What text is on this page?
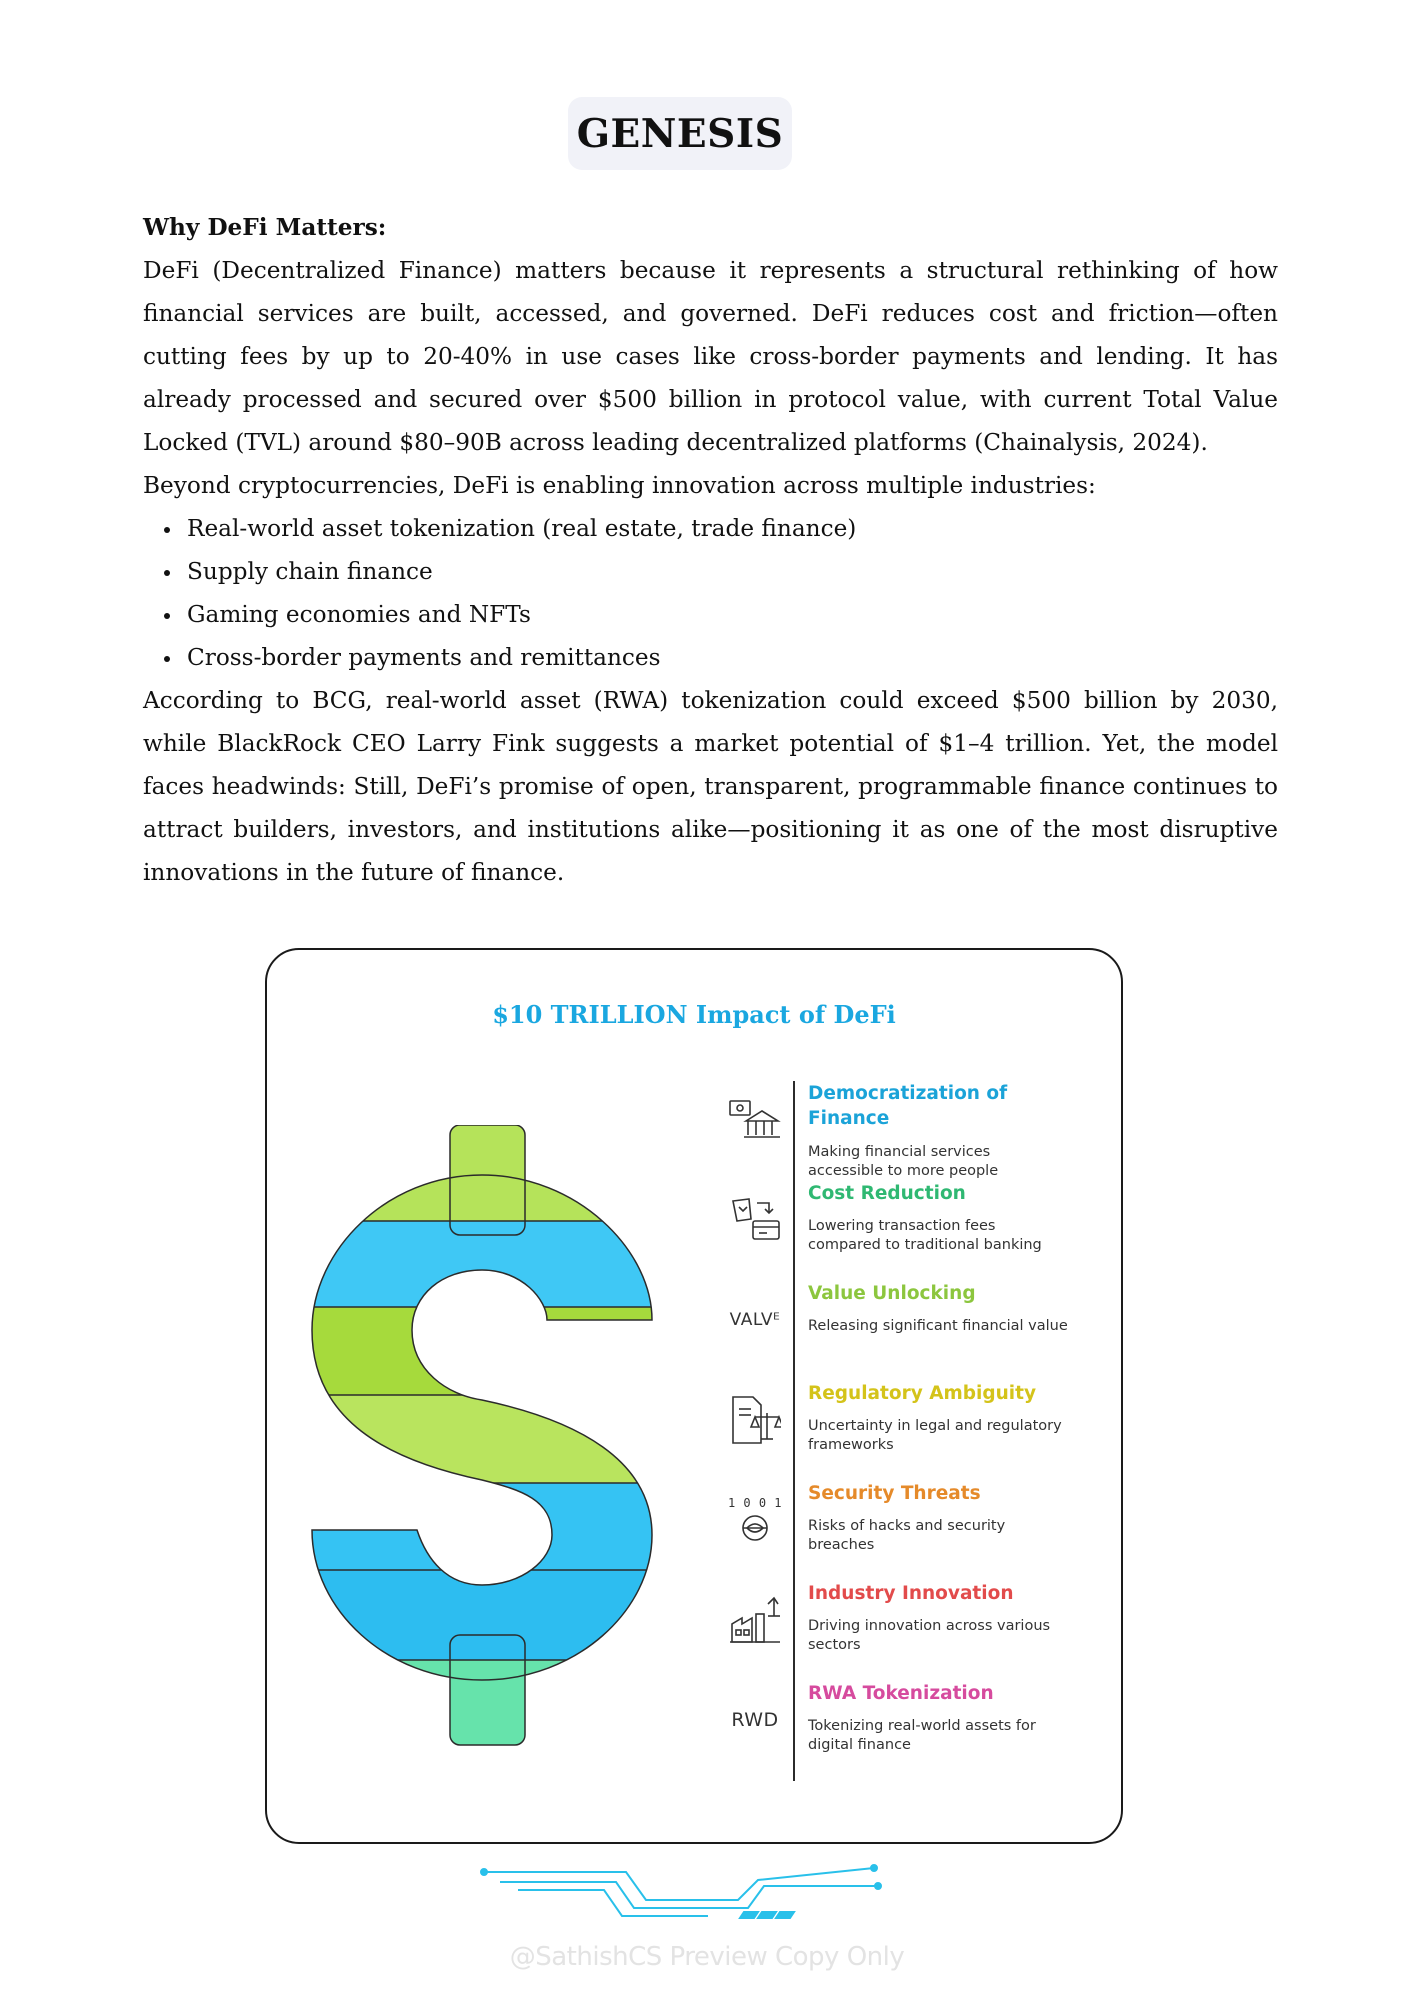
GENESIS

Why DeFi Matters:

DeFi (Decentralized Finance) matters because it represents a structural rethinking of how financial services are built, accessed, and governed. DeFi reduces cost and friction—often cutting fees by up to 20-40% in use cases like cross-border payments and lending. It has already processed and secured over $500 billion in protocol value, with current Total Value Locked (TVL) around $80–90B across leading decentralized platforms (Chainalysis, 2024).

Beyond cryptocurrencies, DeFi is enabling innovation across multiple industries:

Real-world asset tokenization (real estate, trade finance)
Supply chain finance
Gaming economies and NFTs
Cross-border payments and remittances

According to BCG, real-world asset (RWA) tokenization could exceed $500 billion by 2030, while BlackRock CEO Larry Fink suggests a market potential of $1–4 trillion. Yet, the model faces headwinds: Still, DeFi’s promise of open, transparent, programmable finance continues to attract builders, investors, and institutions alike—positioning it as one of the most disruptive innovations in the future of finance.

$10 TRILLION Impact of DeFi
Democratization of Finance
Making financial services accessible to more people
Cost Reduction
Lowering transaction fees compared to traditional banking
VALVᴱ
Value Unlocking
Releasing significant financial value
Regulatory Ambiguity
Uncertainty in legal and regulatory frameworks
1 0 0 1 Security Threats
Risks of hacks and security breaches
Industry Innovation
Driving innovation across various sectors
RWD
RWA Tokenization
Tokenizing real-world assets for digital finance
@SathishCS Preview Copy Only
